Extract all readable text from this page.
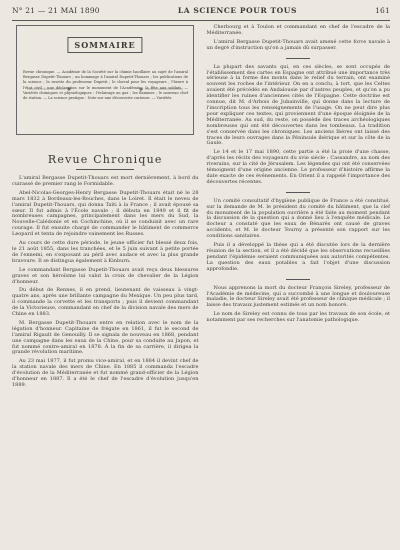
N° 21 — 21 MAI 1890	LA SCIENCE POUR TOUS	161
SOMMAIRE
Revue chronique. — Académie de la Société sur la chimie bacillaire au sujet de l'amiral Bergasse Dupetit-Thouars ; un hommage à l'amiral Dupetit-Thouars ; les publications de la science ; la rosette du professeur Dupetit ; le cheval pour les voyageurs ; l'heure à l'état civil ; une déclaration sur le monument de l'Académie ; la fête aux soldats. — Variétés chimiques et physiologiques : l'éclairage au gaz ; les flammes ; le nouveau chef de station. — La science pratique : Note sur une découverte curieuse. — Variétés.
Revue Chronique

L'amiral Bergasse Dupetit-Thouars est mort dernièrement, à bord du cuirassé de premier rang le Formidable.

Abel-Nicolas-Georges-Henry Bergasse Dupetit-Thouars était né le 28 mars 1832 à Bordeaux-les-Bouches, dans le Loiret. Il était le neveu de l'amiral Dupetit-Thouars, qui donna Taïti à la France ; il avait épousé sa sœur. Il fut admis à l'École navale ; il débuta en 1849 et il fit de nombreuses campagnes, principalement dans les mers du Sud, la Nouvelle-Calédonie et en Cochinchine, où il se conduisit avec un rare courage. Il fut ensuite chargé de commander le bâtiment de commerce Leopard et tenta de rejoindre vainement les Russes.

Au cours de cette dure période, le jeune officier fut blessé deux fois, le 21 août 1855, dans les tranchées, et le 5 juin suivant à petite portée de l'ennemi, en s'exposant au péril avec audace et avec la plus grande bravoure. Il se distingua également à Kinburn.

Le commandant Bergasse Dupetit-Thouars avait reçu deux blessures graves et son héroïsme lui valut la croix de chevalier de la Légion d'honneur.

Du début de Rennes, il en prend, lieutenant de vaisseau à vingt-quatre ans, après une brillante campagne du Mexique. Un peu plus tard, il commande la corvette et les transports ; puis il devient commandant de la Victorieuse, commandant en chef de la division navale des mers de Chine en 1883.

M. Bergasse Dupetit-Thouars entre en relation avec le nom de la légation d'honneur. Capitaine de frégate en 1861, il fut le second de l'amiral Rigault de Genouilly. Il se signala de nouveau en 1868, pendant une campagne dans les eaux de la Chine, pour sa conduite au Japon, et fut nommé contre-amiral en 1878. À la fin de sa carrière, il dirigea la grande révolution maritime.

Au 23 mai 1877, il fut promu vice-amiral, et en 1884 il devint chef de la station navale des mers de Chine. En 1885 il commanda l'escadre d'évolution de la Méditerranée et fut nommé grand-officier de la Légion d'honneur en 1887. Il a été le chef de l'escadre d'évolution jusqu'en 1889.

Cherbourg et à Toulon et commandant en chef de l'escadre de la Méditerranée.

L'amiral Bergasse Dupetit-Thouars avait amené cette force navale à un degré d'instruction qu'on a jamais dû surpasser.

La plupart des savants qui, en ces siècles, se sont occupés de l'établissement des cartes en Espagne ont attribué une importance très sérieuse à la forme des monts dans le relief du terrain, ont examiné souvent les roches de l'intérieur. On en a conclu, à tort, que les Celtes avaient été précédés en Andalousie par d'autres peuples, et qu'on a pu identifier les ruines d'anciennes cités de l'Espagne. Cette doctrine est connue, dit M. d'Arbois de Jubainville, qui donne dans la lecture de l'inscription tous les renseignements de l'usage. On ne peut dire plus pour expliquer ces textes, qui proviennent d'une époque éloignée de la Méditerranée. Au sud, du reste, on possède des traces archéologiques nombreuses qui ont été découvertes dans les tombeaux. La tradition s'est conservée dans les chroniques. Les anciens Ibères ont laissé des traces de leurs ouvrages dans la Péninsule ibérique et sur la côte de la Gaule.

Le 14 et le 17 mai 1890, cette partie a été la proie d'une chasse, d'après les récits des voyageurs du xvie siècle : Cassandre, au nom des riverains, sur la cité de Jérusalem. Les légendes qui ont été conservées témoignent d'une origine ancienne. Le professeur d'histoire affirme la date exacte de ces événements. En Orient il a rappelé l'importance des découvertes récentes.

Un comité consultatif d'hygiène publique de France a été constitué, sur la demande de M. le président du comité du bâtiment, que la clef du monument de la population ouvrière a été faite au moment pendant la discussion de la question qui a donné lieu à l'enquête médicale. Le docteur a constaté que les eaux de Bénarès ont causé de graves accidents, et M. le docteur Tourny a présenté son rapport sur les conditions sanitaires.

Puis il a développé la thèse qui a été discutée lors de la dernière réunion de la section, et il a été décidé que les observations recueillies pendant l'épidémie seraient communiquées aux autorités compétentes. La question des eaux potables a fait l'objet d'une discussion approfondie.

Nous apprenons la mort du docteur François Sireley, professeur de l'Académie de médecine, qui a succombé à une longue et douloureuse maladie, le docteur Sireley avait été professeur de clinique médicale ; il laisse des travaux justement estimés et un nom honoré.

Le nom de Sireley est connu de tous par les travaux de son école, et notamment par ses recherches sur l'anatomie pathologique.
